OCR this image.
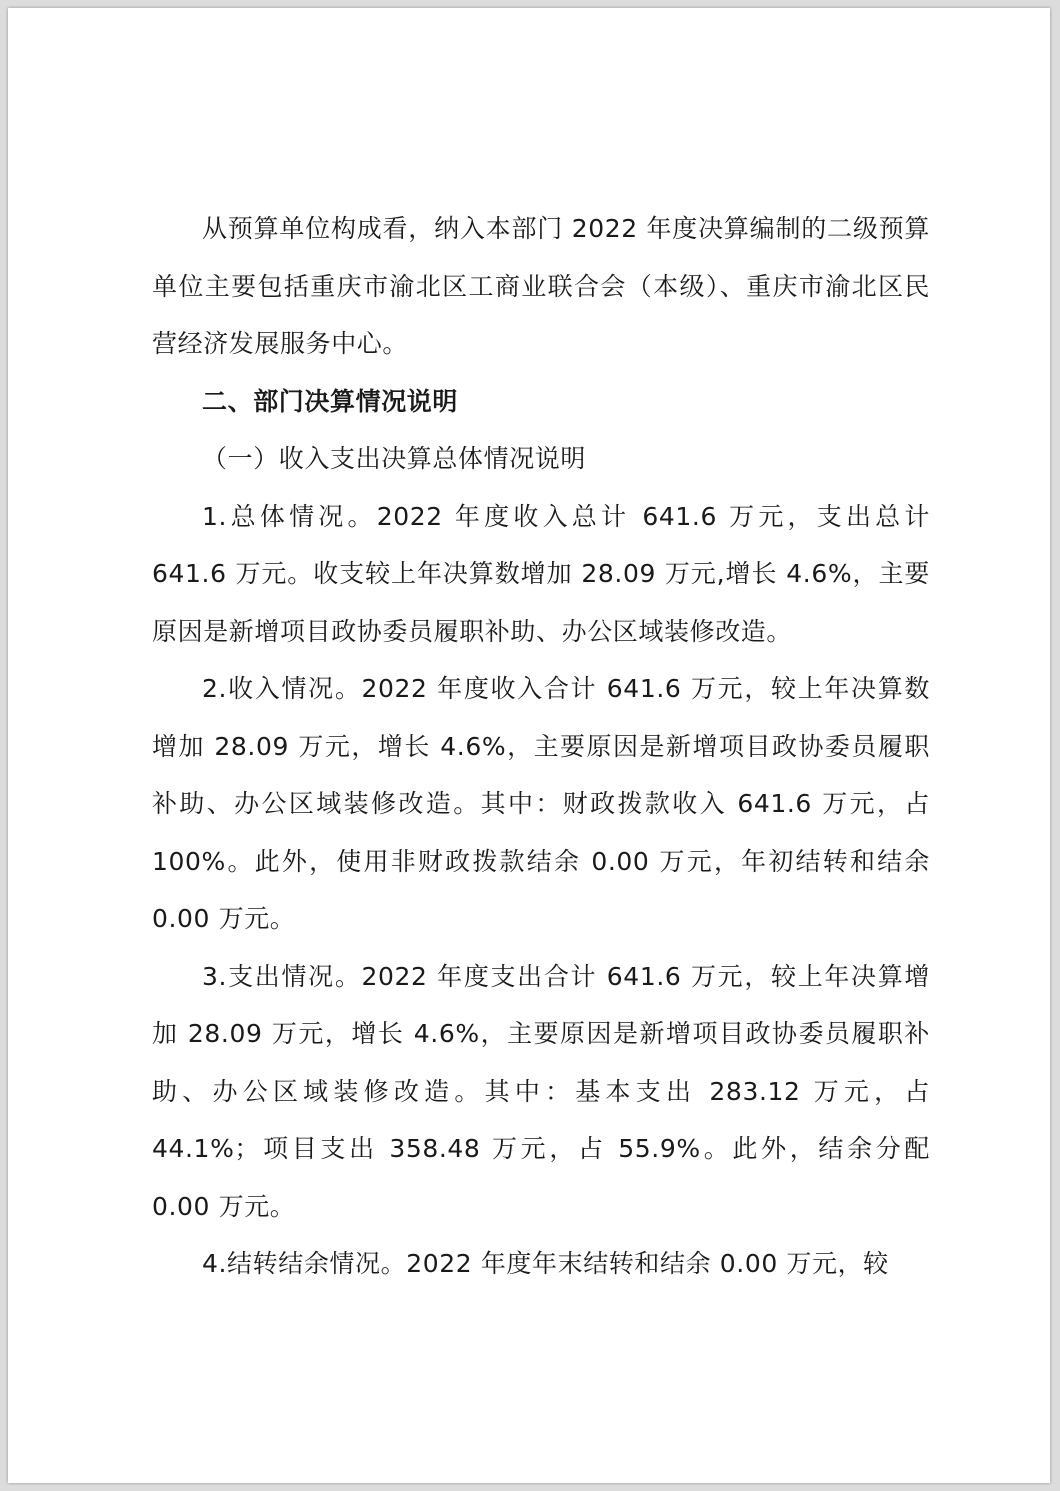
从预算单位构成看，纳入本部门 2022 年度决算编制的二级预算单位主要包括重庆市渝北区工商业联合会（本级）、重庆市渝北区民营经济发展服务中心。

二、部门决算情况说明

（一）收入支出决算总体情况说明

1.总体情况。2022 年度收入总计 641.6 万元，支出总计 641.6 万元。收支较上年决算数增加 28.09 万元,增长 4.6%，主要原因是新增项目政协委员履职补助、办公区域装修改造。

2.收入情况。2022 年度收入合计 641.6 万元，较上年决算数增加 28.09 万元，增长 4.6%，主要原因是新增项目政协委员履职补助、办公区域装修改造。其中：财政拨款收入 641.6 万元，占 100%。此外，使用非财政拨款结余 0.00 万元，年初结转和结余 0.00 万元。

3.支出情况。2022 年度支出合计 641.6 万元，较上年决算增加 28.09 万元，增长 4.6%，主要原因是新增项目政协委员履职补助、办公区域装修改造。其中：基本支出 283.12 万元，占 44.1%；项目支出 358.48 万元，占 55.9%。此外，结余分配 0.00 万元。

4.结转结余情况。2022 年度年末结转和结余 0.00 万元，较
